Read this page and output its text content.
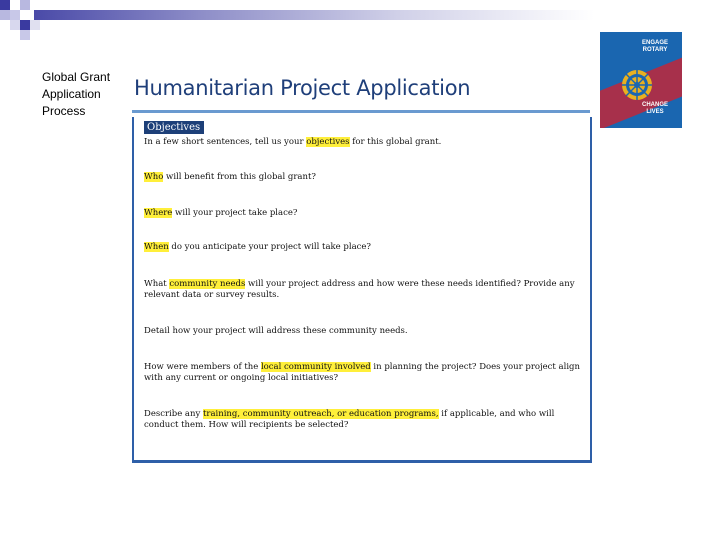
Global Grant Application Process
ENGAGE ROTARY
CHANGE LIVES
Humanitarian Project Application
Objectives
In a few short sentences, tell us your objectives for this global grant.
Who will benefit from this global grant?
Where will your project take place?
When do you anticipate your project will take place?
What community needs will your project address and how were these needs identified? Provide any relevant data or survey results.
Detail how your project will address these community needs.
How were members of the local community involved in planning the project? Does your project align with any current or ongoing local initiatives?
Describe any training, community outreach, or education programs, if applicable, and who will conduct them. How will recipients be selected?
